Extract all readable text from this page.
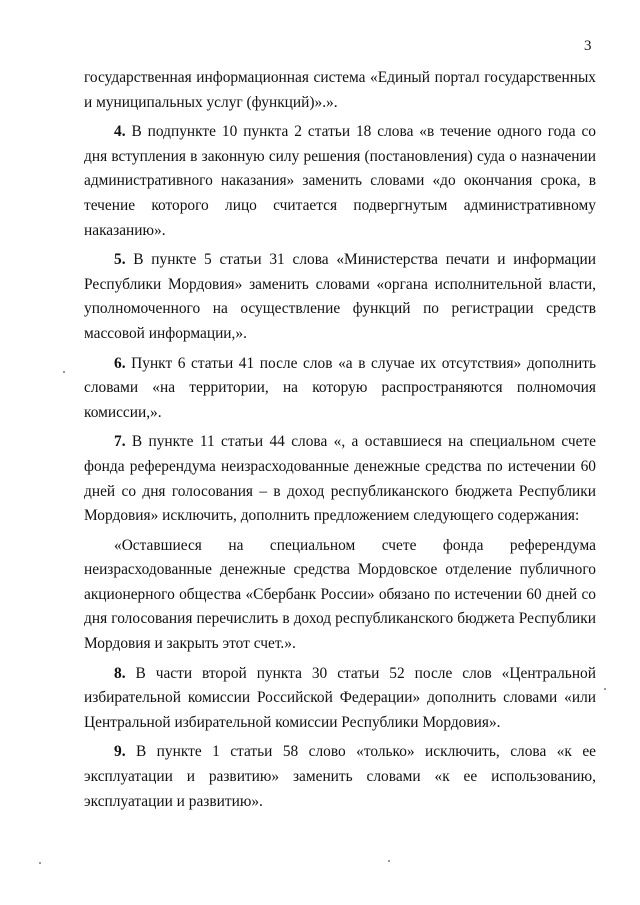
3

государственная информационная система «Единый портал государственных и муниципальных услуг (функций)».».

4. В подпункте 10 пункта 2 статьи 18 слова «в течение одного года со дня вступления в законную силу решения (постановления) суда о назначении административного наказания» заменить словами «до окончания срока, в течение которого лицо считается подвергнутым административному наказанию».

5. В пункте 5 статьи 31 слова «Министерства печати и информации Республики Мордовия» заменить словами «органа исполнительной власти, уполномоченного на осуществление функций по регистрации средств массовой информации,».

6. Пункт 6 статьи 41 после слов «а в случае их отсутствия» дополнить словами «на территории, на которую распространяются полномочия комиссии,».

7. В пункте 11 статьи 44 слова «, а оставшиеся на специальном счете фонда референдума неизрасходованные денежные средства по истечении 60 дней со дня голосования – в доход республиканского бюджета Республики Мордовия» исключить, дополнить предложением следующего содержания:

«Оставшиеся на специальном счете фонда референдума неизрасходованные денежные средства Мордовское отделение публичного акционерного общества «Сбербанк России» обязано по истечении 60 дней со дня голосования перечислить в доход республиканского бюджета Республики Мордовия и закрыть этот счет.».

8. В части второй пункта 30 статьи 52 после слов «Центральной избирательной комиссии Российской Федерации» дополнить словами «или Центральной избирательной комиссии Республики Мордовия».

9. В пункте 1 статьи 58 слово «только» исключить, слова «к ее эксплуатации и развитию» заменить словами «к ее использованию, эксплуатации и развитию».
